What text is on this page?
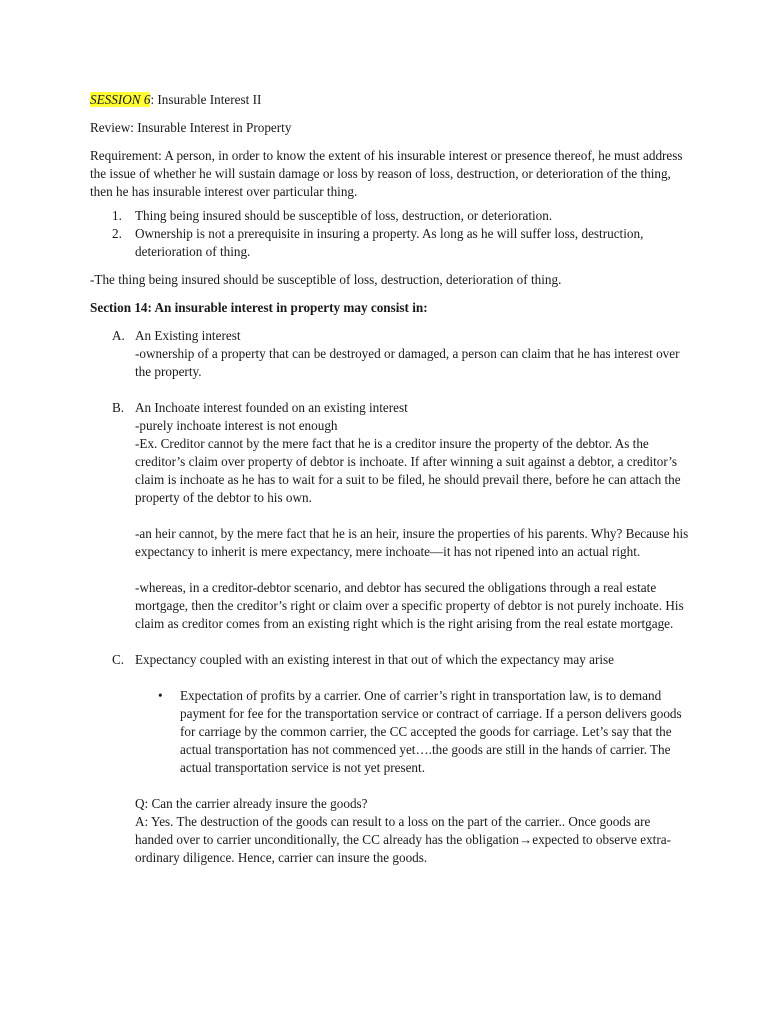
SESSION 6: Insurable Interest II

Review: Insurable Interest in Property

Requirement: A person, in order to know the extent of his insurable interest or presence thereof, he must address the issue of whether he will sustain damage or loss by reason of loss, destruction, or deterioration of the thing, then he has insurable interest over particular thing.

1. Thing being insured should be susceptible of loss, destruction, or deterioration.
2. Ownership is not a prerequisite in insuring a property. As long as he will suffer loss, destruction, deterioration of thing.

-The thing being insured should be susceptible of loss, destruction, deterioration of thing.

Section 14: An insurable interest in property may consist in:

A. An Existing interest

-ownership of a property that can be destroyed or damaged, a person can claim that he has interest over the property.

B. An Inchoate interest founded on an existing interest

-purely inchoate interest is not enough

-Ex. Creditor cannot by the mere fact that he is a creditor insure the property of the debtor. As the creditor’s claim over property of debtor is inchoate. If after winning a suit against a debtor, a creditor’s claim is inchoate as he has to wait for a suit to be filed, he should prevail there, before he can attach the property of the debtor to his own.

-an heir cannot, by the mere fact that he is an heir, insure the properties of his parents. Why? Because his expectancy to inherit is mere expectancy, mere inchoate—it has not ripened into an actual right.

-whereas, in a creditor-debtor scenario, and debtor has secured the obligations through a real estate mortgage, then the creditor’s right or claim over a specific property of debtor is not purely inchoate. His claim as creditor comes from an existing right which is the right arising from the real estate mortgage.

C. Expectancy coupled with an existing interest in that out of which the expectancy may arise

• Expectation of profits by a carrier. One of carrier’s right in transportation law, is to demand payment for fee for the transportation service or contract of carriage. If a person delivers goods for carriage by the common carrier, the CC accepted the goods for carriage. Let’s say that the actual transportation has not commenced yet….the goods are still in the hands of carrier. The actual transportation service is not yet present.

Q: Can the carrier already insure the goods?

A: Yes. The destruction of the goods can result to a loss on the part of the carrier.. Once goods are handed over to carrier unconditionally, the CC already has the obligation→expected to observe extra-ordinary diligence. Hence, carrier can insure the goods.
